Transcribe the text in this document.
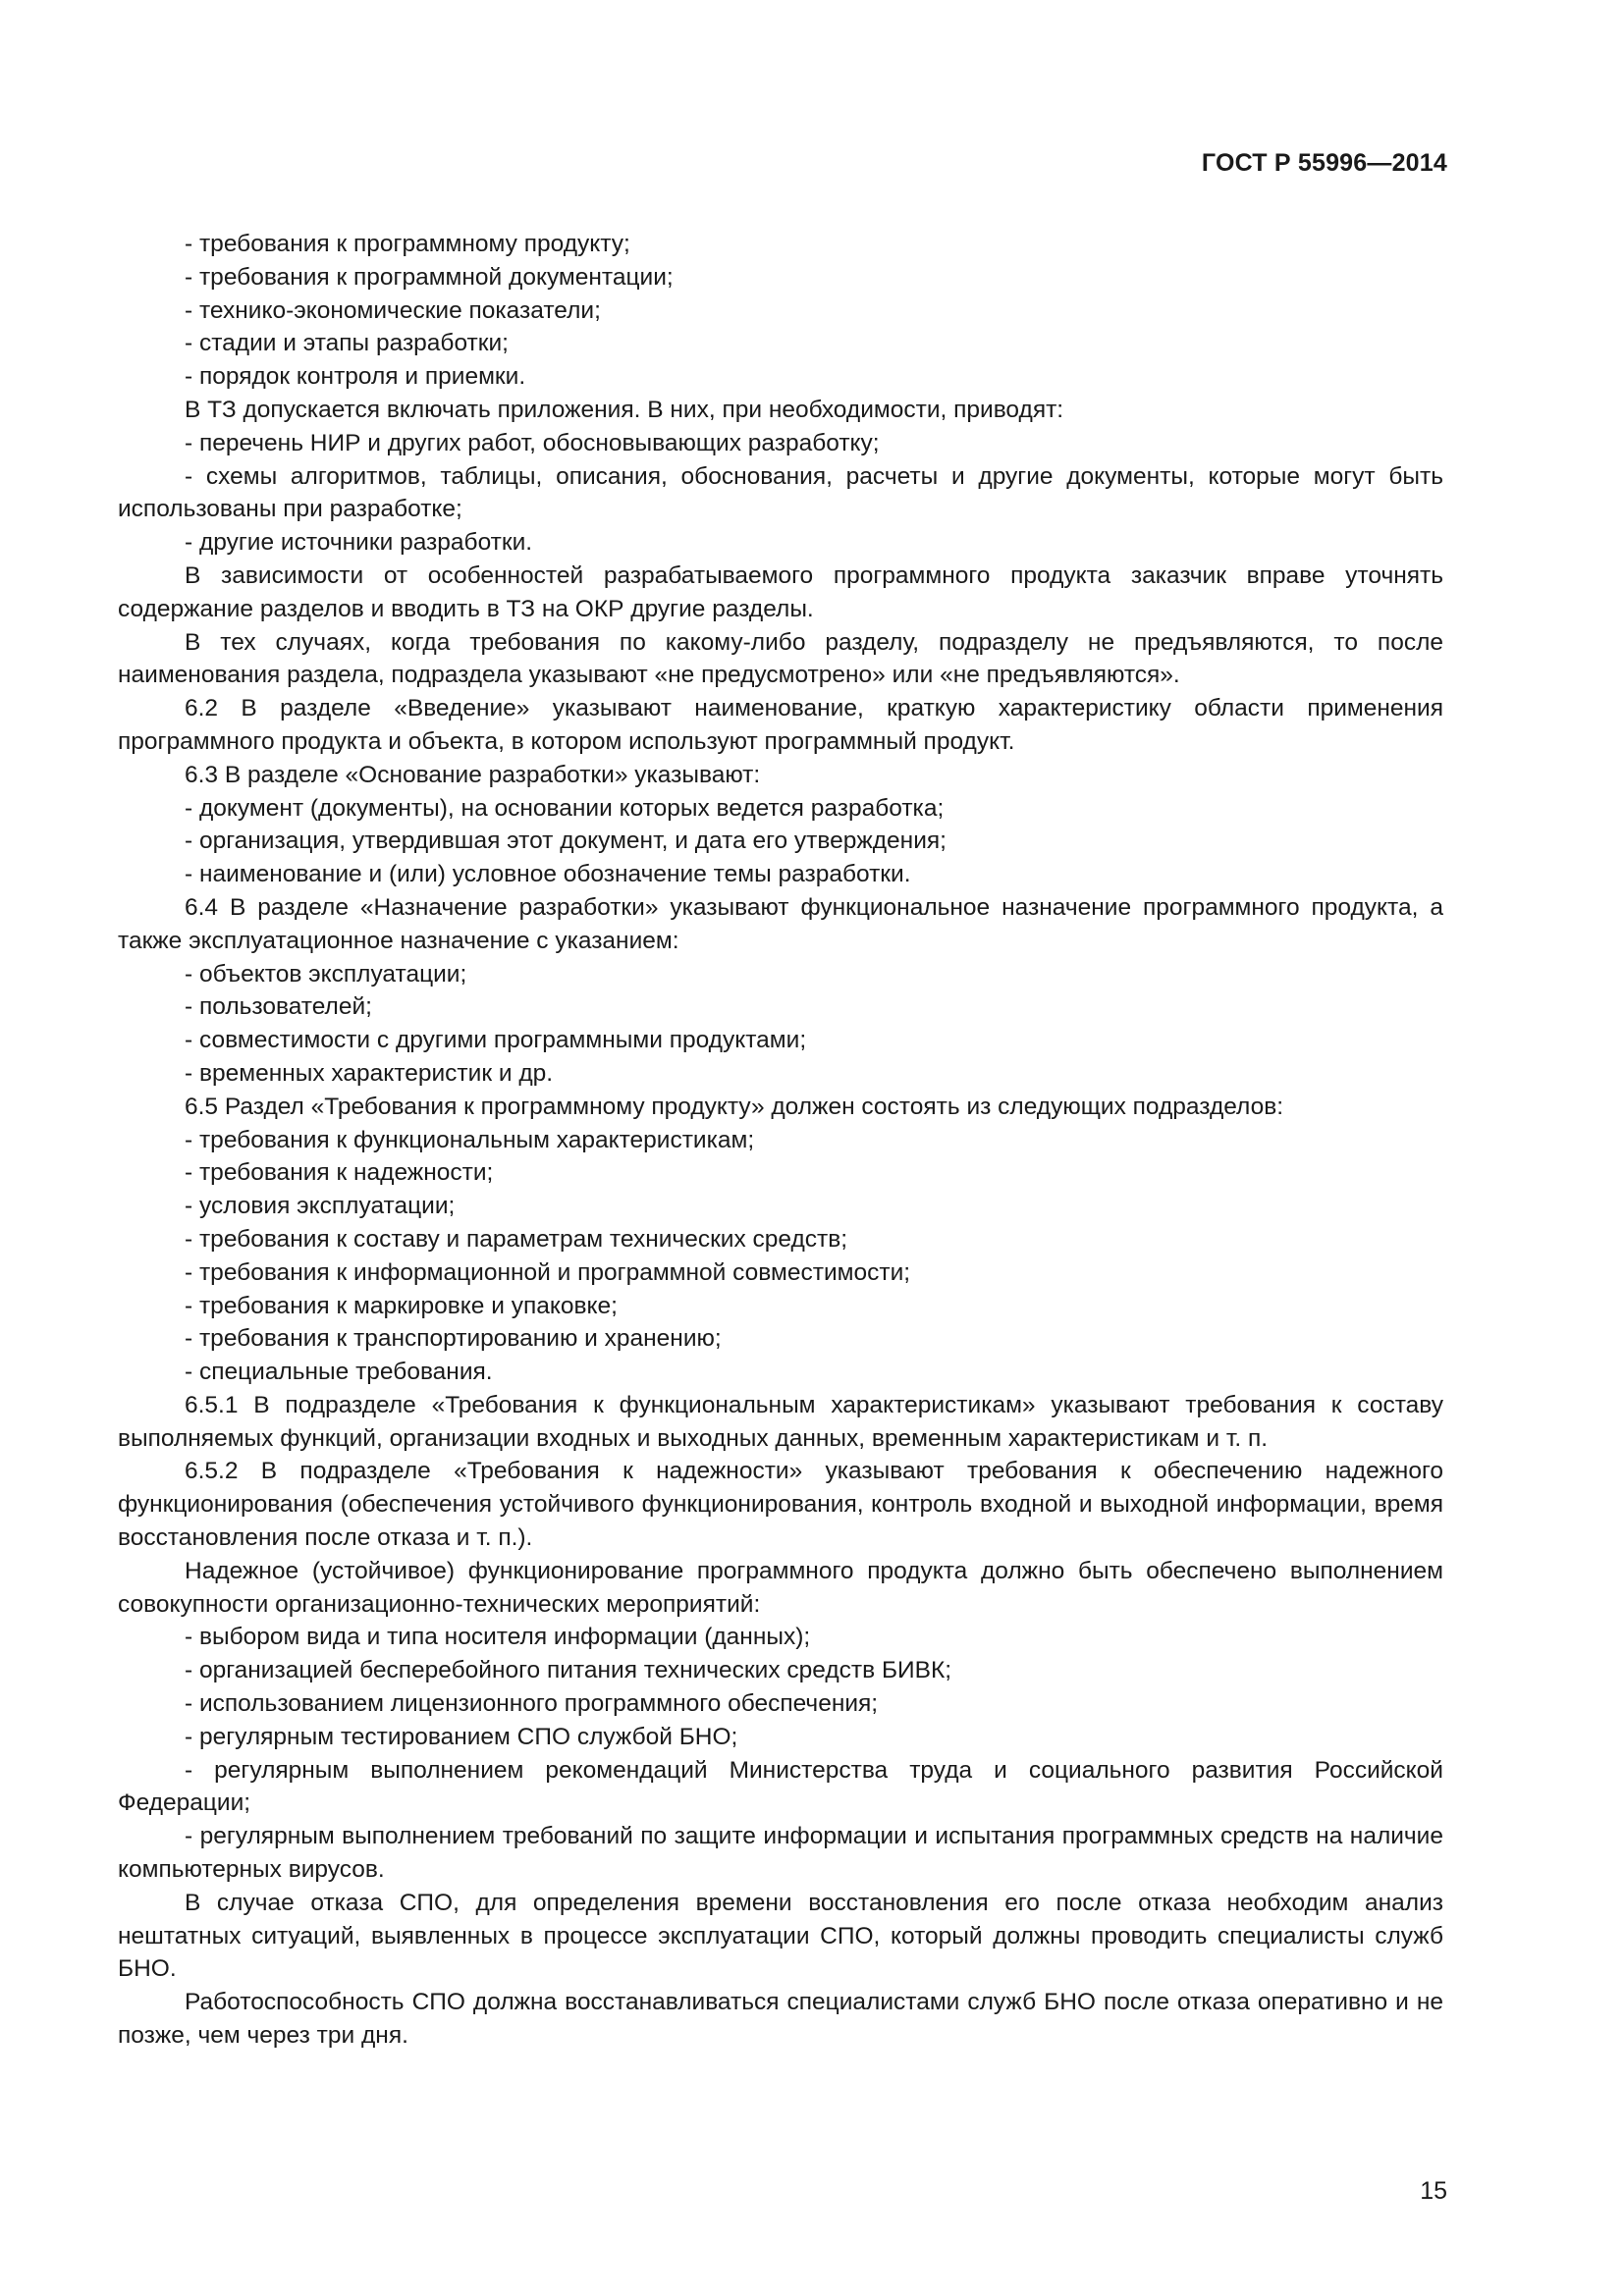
ГОСТ Р 55996—2014

- требования к программному продукту;

- требования к программной документации;

- технико-экономические показатели;

- стадии и этапы разработки;

- порядок контроля и приемки.

В ТЗ допускается включать приложения. В них, при необходимости, приводят:

- перечень НИР и других работ, обосновывающих разработку;

- схемы алгоритмов, таблицы, описания, обоснования, расчеты и другие документы, которые могут быть использованы при разработке;

- другие источники разработки.

В зависимости от особенностей разрабатываемого программного продукта заказчик вправе уточнять содержание разделов и вводить в ТЗ на ОКР другие разделы.

В тех случаях, когда требования по какому-либо разделу, подразделу не предъявляются, то после наименования раздела, подраздела указывают «не предусмотрено» или «не предъявляются».

6.2 В разделе «Введение» указывают наименование, краткую характеристику области применения программного продукта и объекта, в котором используют программный продукт.

6.3 В разделе «Основание разработки» указывают:

- документ (документы), на основании которых ведется разработка;

- организация, утвердившая этот документ, и дата его утверждения;

- наименование и (или) условное обозначение темы разработки.

6.4 В разделе «Назначение разработки» указывают функциональное назначение программного продукта, а также эксплуатационное назначение с указанием:

- объектов эксплуатации;

- пользователей;

- совместимости с другими программными продуктами;

- временных характеристик и др.

6.5 Раздел «Требования к программному продукту» должен состоять из следующих подразделов:

- требования к функциональным характеристикам;

- требования к надежности;

- условия эксплуатации;

- требования к составу и параметрам технических средств;

- требования к информационной и программной совместимости;

- требования к маркировке и упаковке;

- требования к транспортированию и хранению;

- специальные требования.

6.5.1 В подразделе «Требования к функциональным характеристикам» указывают требования к составу выполняемых функций, организации входных и выходных данных, временным характеристикам и т. п.

6.5.2 В подразделе «Требования к надежности» указывают требования к обеспечению надежного функционирования (обеспечения устойчивого функционирования, контроль входной и выходной информации, время восстановления после отказа и т. п.).

Надежное (устойчивое) функционирование программного продукта должно быть обеспечено выполнением совокупности организационно-технических мероприятий:

- выбором вида и типа носителя информации (данных);

- организацией бесперебойного питания технических средств БИВК;

- использованием лицензионного программного обеспечения;

- регулярным тестированием СПО службой БНО;

- регулярным выполнением рекомендаций Министерства труда и социального развития Российской Федерации;

- регулярным выполнением требований по защите информации и испытания программных средств на наличие компьютерных вирусов.

В случае отказа СПО, для определения времени восстановления его после отказа необходим анализ нештатных ситуаций, выявленных в процессе эксплуатации СПО, который должны проводить специалисты служб БНО.

Работоспособность СПО должна восстанавливаться специалистами служб БНО после отказа оперативно и не позже, чем через три дня.

15
